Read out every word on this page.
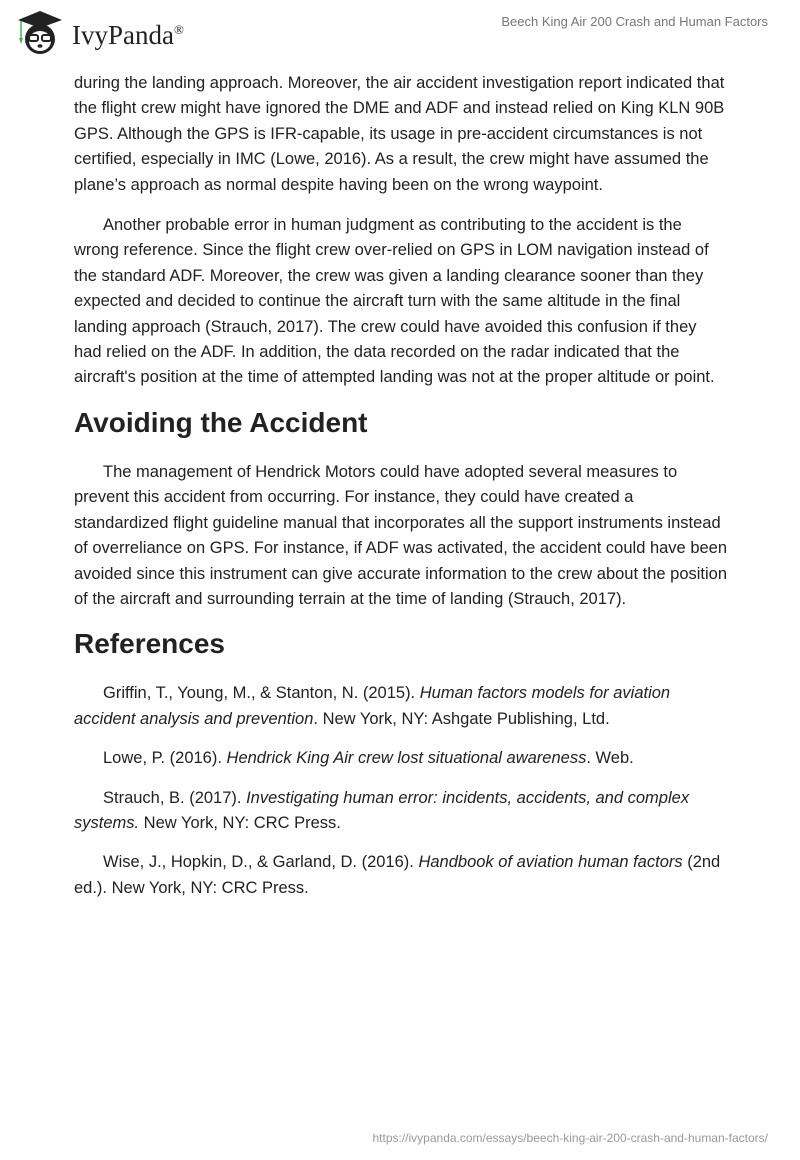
IvyPanda®	Beech King Air 200 Crash and Human Factors

during the landing approach. Moreover, the air accident investigation report indicated that the flight crew might have ignored the DME and ADF and instead relied on King KLN 90B GPS. Although the GPS is IFR-capable, its usage in pre-accident circumstances is not certified, especially in IMC (Lowe, 2016). As a result, the crew might have assumed the plane’s approach as normal despite having been on the wrong waypoint.

Another probable error in human judgment as contributing to the accident is the wrong reference. Since the flight crew over-relied on GPS in LOM navigation instead of the standard ADF. Moreover, the crew was given a landing clearance sooner than they expected and decided to continue the aircraft turn with the same altitude in the final landing approach (Strauch, 2017). The crew could have avoided this confusion if they had relied on the ADF. In addition, the data recorded on the radar indicated that the aircraft's position at the time of attempted landing was not at the proper altitude or point.

Avoiding the Accident

The management of Hendrick Motors could have adopted several measures to prevent this accident from occurring. For instance, they could have created a standardized flight guideline manual that incorporates all the support instruments instead of overreliance on GPS. For instance, if ADF was activated, the accident could have been avoided since this instrument can give accurate information to the crew about the position of the aircraft and surrounding terrain at the time of landing (Strauch, 2017).

References

Griffin, T., Young, M., & Stanton, N. (2015). Human factors models for aviation accident analysis and prevention. New York, NY: Ashgate Publishing, Ltd.

Lowe, P. (2016). Hendrick King Air crew lost situational awareness. Web.

Strauch, B. (2017). Investigating human error: incidents, accidents, and complex systems. New York, NY: CRC Press.

Wise, J., Hopkin, D., & Garland, D. (2016). Handbook of aviation human factors (2nd ed.). New York, NY: CRC Press.

https://ivypanda.com/essays/beech-king-air-200-crash-and-human-factors/
